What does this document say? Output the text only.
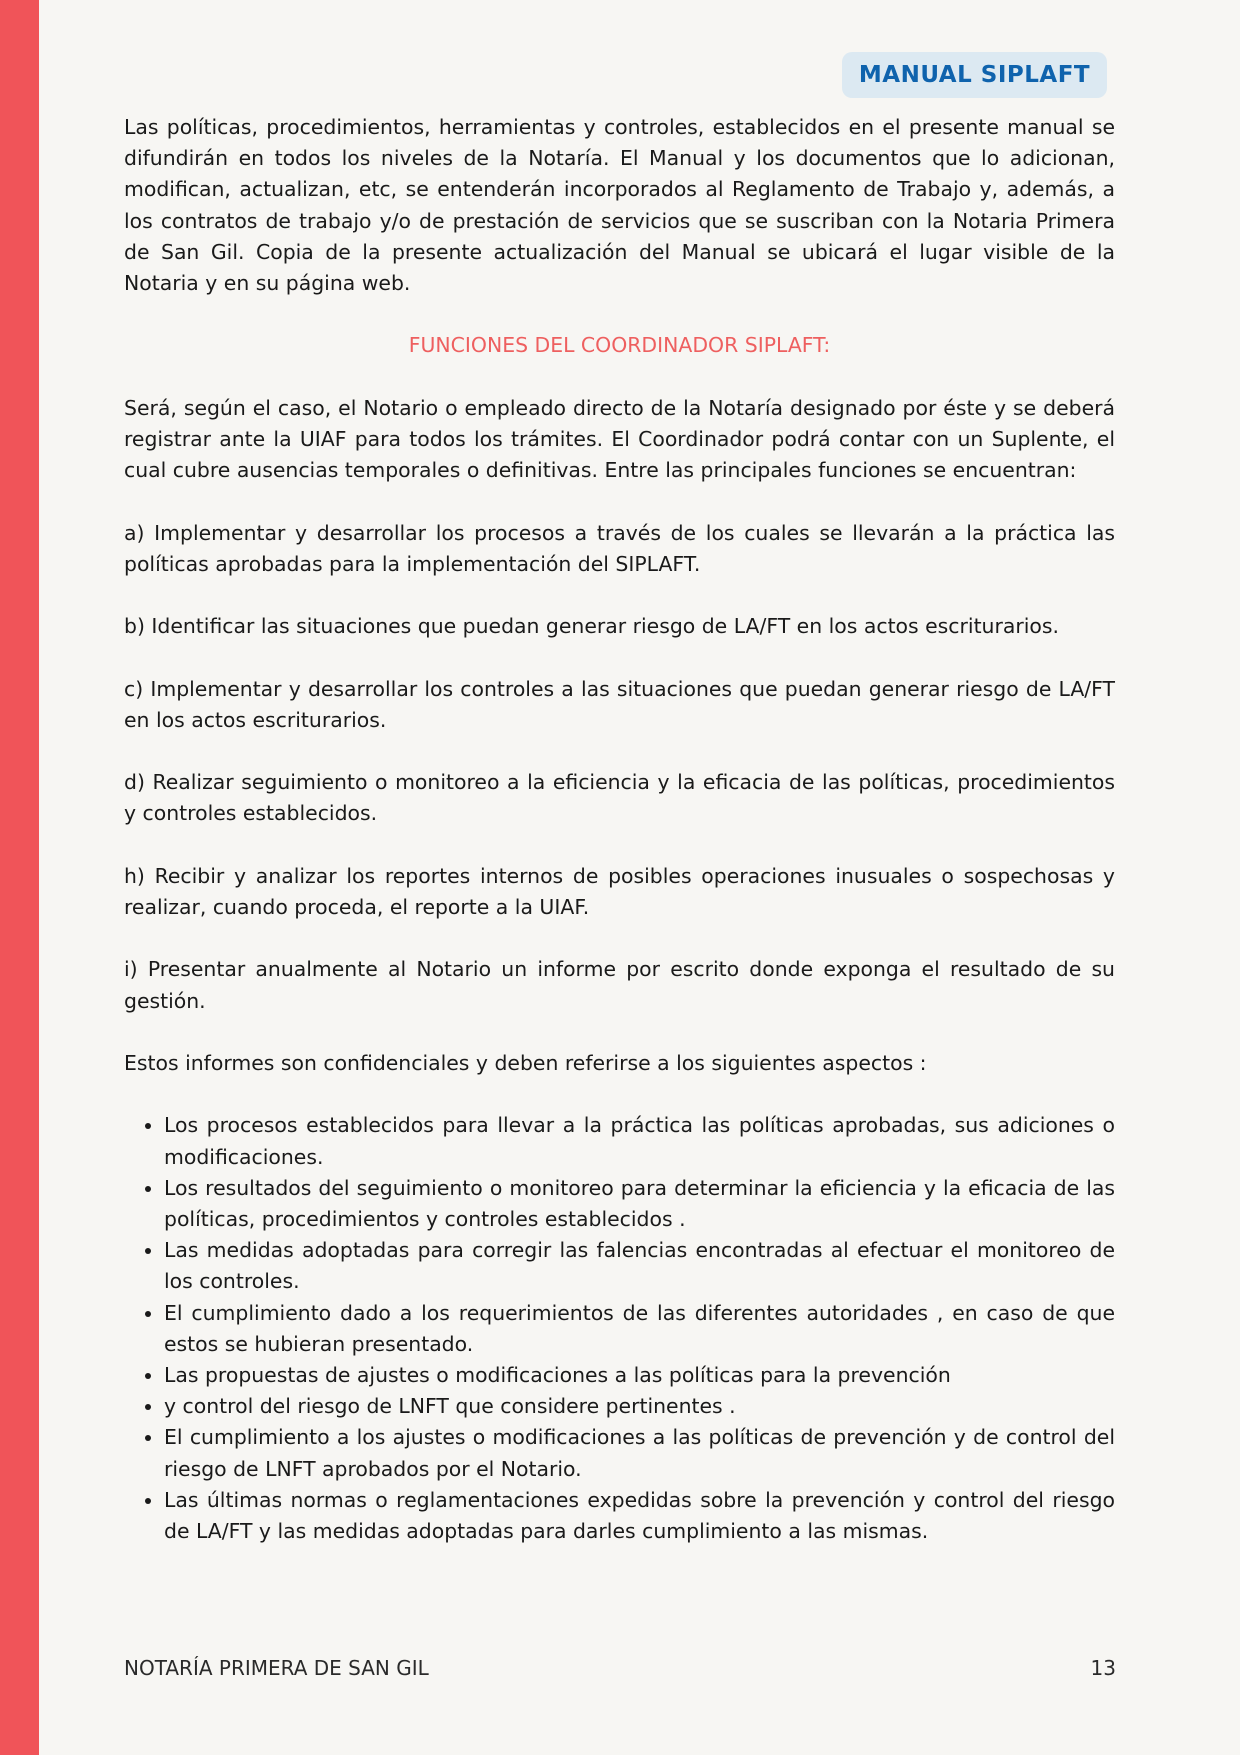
MANUAL SIPLAFT

Las políticas, procedimientos, herramientas y controles, establecidos en el presente manual se difundirán en todos los niveles de la Notaría. El Manual y los documentos que lo adicionan, modifican, actualizan, etc, se entenderán incorporados al Reglamento de Trabajo y, además, a los contratos de trabajo y/o de prestación de servicios que se suscriban con la Notaria Primera de San Gil. Copia de la presente actualización del Manual se ubicará el lugar visible de la Notaria y en su página web.

FUNCIONES DEL COORDINADOR SIPLAFT:

Será, según el caso, el Notario o empleado directo de la Notaría designado por éste y se deberá registrar ante la UIAF para todos los trámites. El Coordinador podrá contar con un Suplente, el cual cubre ausencias temporales o definitivas. Entre las principales funciones se encuentran:

a) Implementar y desarrollar los procesos a través de los cuales se llevarán a la práctica las políticas aprobadas para la implementación del SIPLAFT.

b) Identificar las situaciones que puedan generar riesgo de LA/FT en los actos escriturarios.

c) Implementar y desarrollar los controles a las situaciones que puedan generar riesgo de LA/FT en los actos escriturarios.

d) Realizar seguimiento o monitoreo a la eficiencia y la eficacia de las políticas, procedimientos y controles establecidos.

h) Recibir y analizar los reportes internos de posibles operaciones inusuales o sospechosas y realizar, cuando proceda, el reporte a la UIAF.

i) Presentar anualmente al Notario un informe por escrito donde exponga el resultado de su gestión.

Estos informes son confidenciales y deben referirse a los siguientes aspectos :

• Los procesos establecidos para llevar a la práctica las políticas aprobadas, sus adiciones o modificaciones.
• Los resultados del seguimiento o monitoreo para determinar la eficiencia y la eficacia de las políticas, procedimientos y controles establecidos .
• Las medidas adoptadas para corregir las falencias encontradas al efectuar el monitoreo de los controles.
• El cumplimiento dado a los requerimientos de las diferentes autoridades , en caso de que estos se hubieran presentado.
• Las propuestas de ajustes o modificaciones a las políticas para la prevención
• y control del riesgo de LNFT que considere pertinentes .
• El cumplimiento a los ajustes o modificaciones a las políticas de prevención y de control del riesgo de LNFT aprobados por el Notario.
• Las últimas normas o reglamentaciones expedidas sobre la prevención y control del riesgo de LA/FT y las medidas adoptadas para darles cumplimiento a las mismas.
NOTARÍA PRIMERA DE SAN GIL	13
